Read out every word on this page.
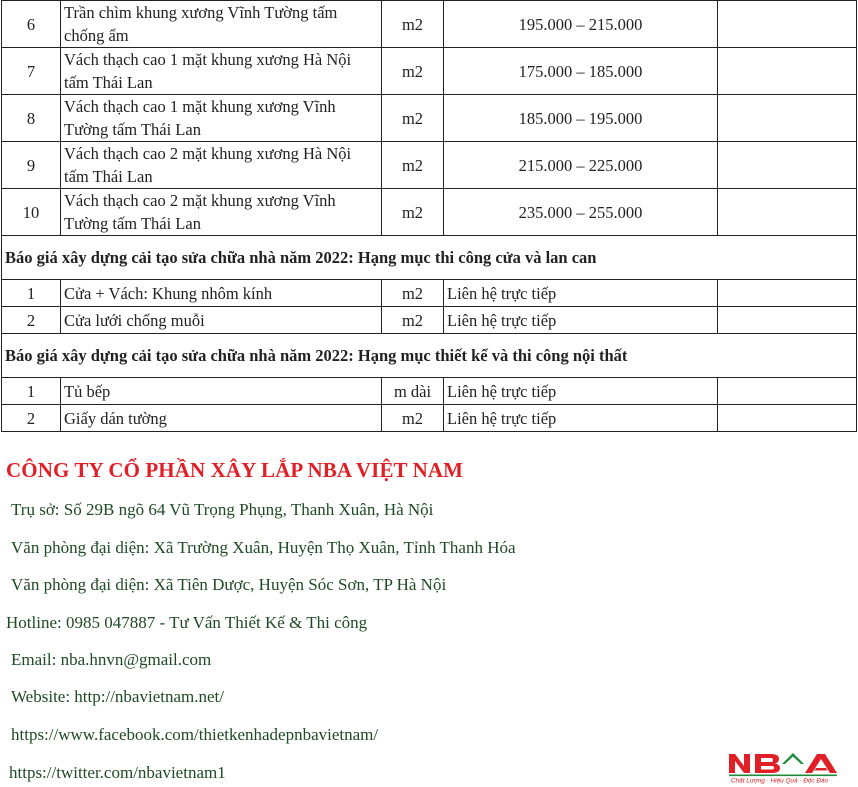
6	Trần chìm khung xương Vĩnh Tường tấm chống ẩm	m2	195.000 – 215.000	
7	Vách thạch cao 1 mặt khung xương Hà Nội tấm Thái Lan	m2	175.000 – 185.000	
8	Vách thạch cao 1 mặt khung xương Vĩnh Tường tấm Thái Lan	m2	185.000 – 195.000	
9	Vách thạch cao 2 mặt khung xương Hà Nội tấm Thái Lan	m2	215.000 – 225.000	
10	Vách thạch cao 2 mặt khung xương Vĩnh Tường tấm Thái Lan	m2	235.000 – 255.000	
Báo giá xây dựng cải tạo sửa chữa nhà năm 2022: Hạng mục thi công cửa và lan can				
1	Cửa + Vách: Khung nhôm kính	m2	Liên hệ trực tiếp	
2	Cửa lưới chống muỗi	m2	Liên hệ trực tiếp	
Báo giá xây dựng cải tạo sửa chữa nhà năm 2022: Hạng mục thiết kế và thi công nội thất				
1	Tủ bếp	m dài	Liên hệ trực tiếp	
2	Giấy dán tường	m2	Liên hệ trực tiếp	
CÔNG TY CỔ PHẦN XÂY LẮP NBA VIỆT NAM
Trụ sở: Số 29B ngõ 64 Vũ Trọng Phụng, Thanh Xuân, Hà Nội
Văn phòng đại diện: Xã Trường Xuân, Huyện Thọ Xuân, Tỉnh Thanh Hóa
Văn phòng đại diện: Xã Tiên Dược, Huyện Sóc Sơn, TP Hà Nội
Hotline: 0985 047887 - Tư Vấn Thiết Kế & Thi công
Email: nba.hnvn@gmail.com
Website: http://nbavietnam.net/
https://www.facebook.com/thietkenhadepnbavietnam/
https://twitter.com/nbavietnam1	Chất Lượng · Hiệu Quả · Độc Đáo
